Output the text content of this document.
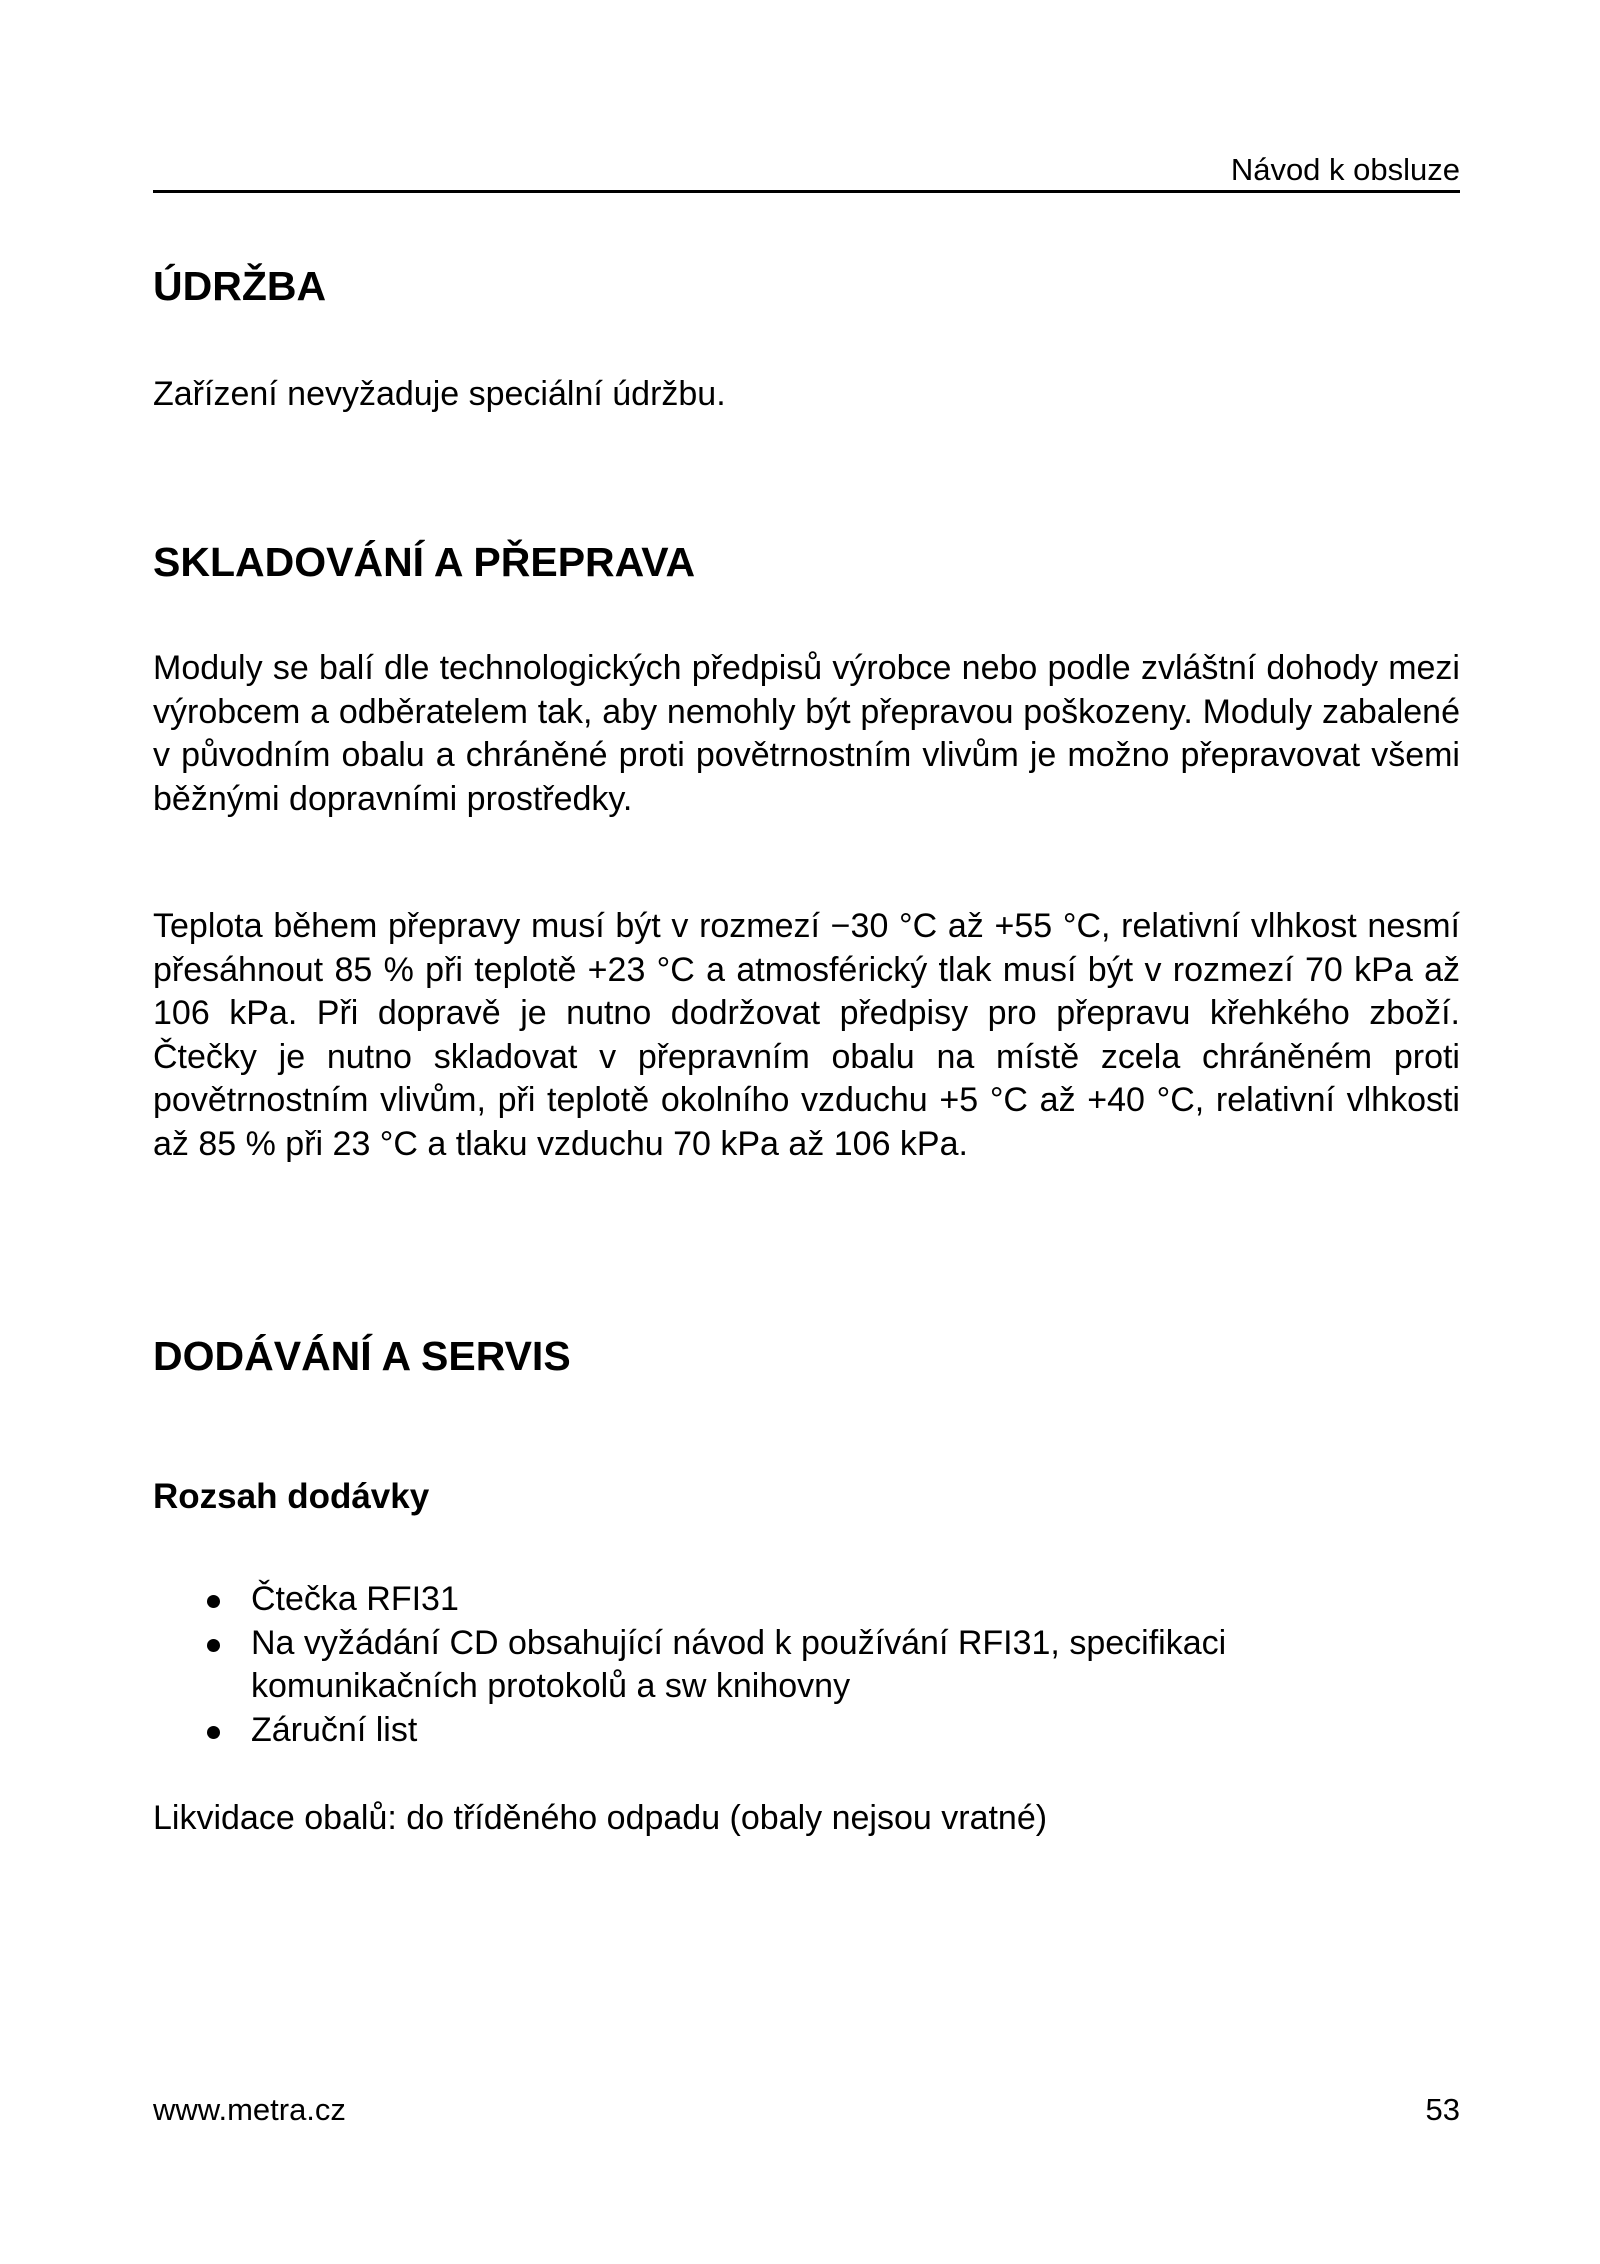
Návod k obsluze
ÚDRŽBA

Zařízení nevyžaduje speciální údržbu.

SKLADOVÁNÍ A PŘEPRAVA

Moduly se balí dle technologických předpisů výrobce nebo podle zvláštní dohody mezi výrobcem a odběratelem tak, aby nemohly být přepravou poškozeny. Moduly zabalené v původním obalu a chráněné proti povětrnostním vlivům je možno přepravovat všemi běžnými dopravními prostředky.

Teplota během přepravy musí být v rozmezí −30 °C až +55 °C, relativní vlhkost nesmí přesáhnout 85 % při teplotě +23 °C a atmosférický tlak musí být v rozmezí 70 kPa až 106 kPa. Při dopravě je nutno dodržovat předpisy pro přepravu křehkého zboží. Čtečky je nutno skladovat v přepravním obalu na místě zcela chráněném proti povětrnostním vlivům, při teplotě okolního vzduchu +5 °C až +40 °C, relativní vlhkosti až 85 % při 23 °C a tlaku vzduchu 70 kPa až 106 kPa.

DODÁVÁNÍ A SERVIS
Rozsah dodávky
Čtečka RFI31
Na vyžádání CD obsahující návod k používání RFI31, specifikaci komunikačních protokolů a sw knihovny
Záruční list

Likvidace obalů: do tříděného odpadu (obaly nejsou vratné)

www.metra.cz	53
